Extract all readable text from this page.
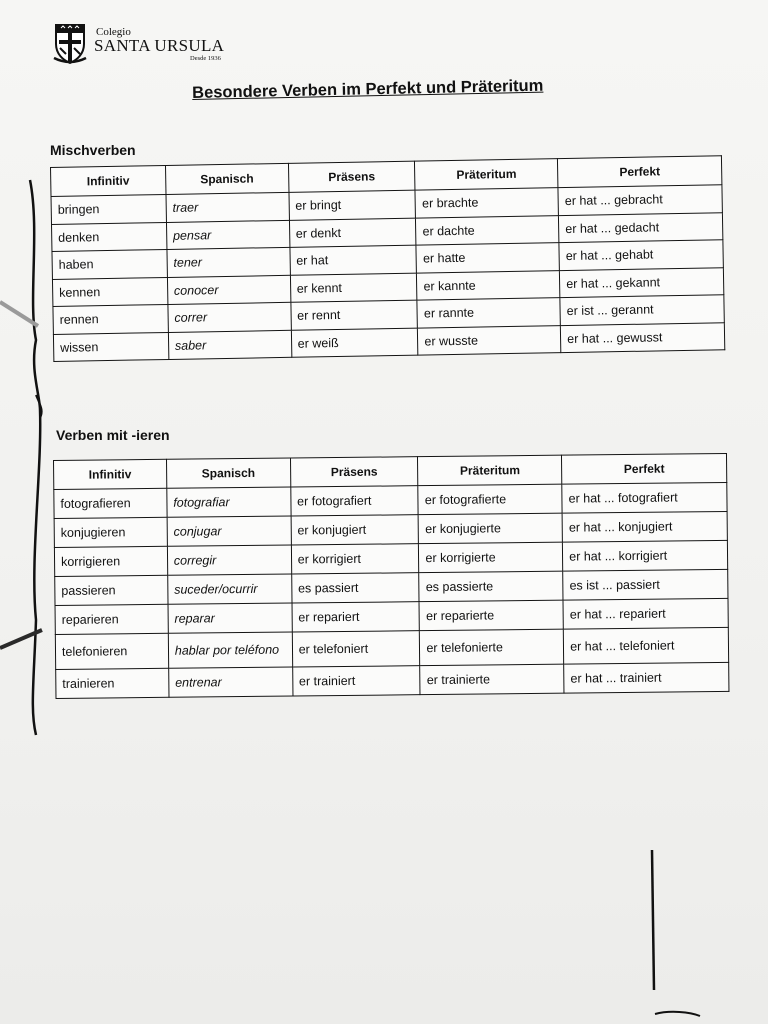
Colegio
SANTA URSULA
Desde 1936
Besondere Verben im Perfekt und Präteritum
Mischverben
Infinitiv	Spanisch	Präsens	Präteritum	Perfekt
bringen	traer	er bringt	er brachte	er hat ... gebracht
denken	pensar	er denkt	er dachte	er hat ... gedacht
haben	tener	er hat	er hatte	er hat ... gehabt
kennen	conocer	er kennt	er kannte	er hat ... gekannt
rennen	correr	er rennt	er rannte	er ist ... gerannt
wissen	saber	er weiß	er wusste	er hat ... gewusst
Verben mit -ieren
Infinitiv	Spanisch	Präsens	Präteritum	Perfekt
fotografieren	fotografiar	er fotografiert	er fotografierte	er hat ... fotografiert
konjugieren	conjugar	er konjugiert	er konjugierte	er hat ... konjugiert
korrigieren	corregir	er korrigiert	er korrigierte	er hat ... korrigiert
passieren	suceder/ocurrir	es passiert	es passierte	es ist ... passiert
reparieren	reparar	er repariert	er reparierte	er hat ... repariert
telefonieren	hablar por teléfono	er telefoniert	er telefonierte	er hat ... telefoniert
trainieren	entrenar	er trainiert	er trainierte	er hat ... trainiert
